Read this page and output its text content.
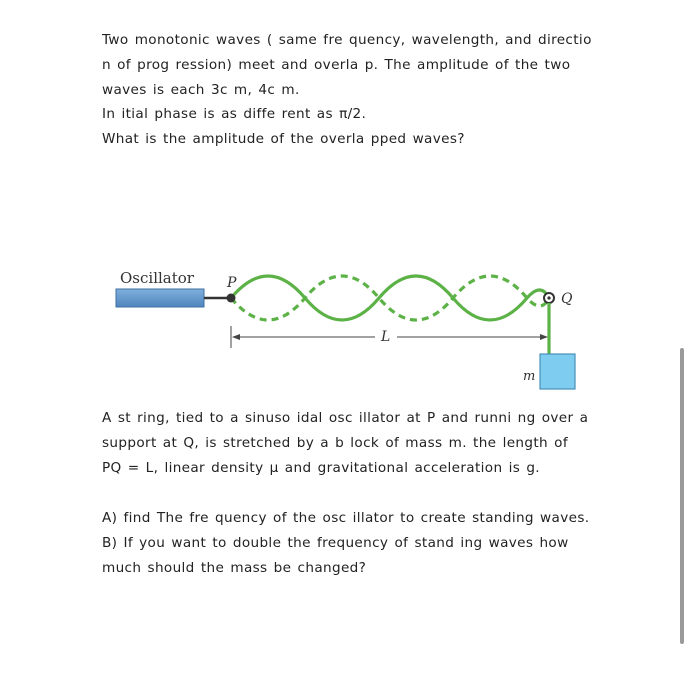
Two monotonic waves ( same fre quency, wavelength, and directio
n of prog ression) meet and overla p. The amplitude of the two
waves is each 3c m, 4c m.
In itial phase is as diffe rent as π/2.
What is the amplitude of the overla pped waves?
Oscillator P
Q
m
L
A st ring, tied to a sinuso idal osc illator at P and runni ng over a
support at Q, is stretched by a b lock of mass m. the length of
PQ = L, linear density μ and gravitational acceleration is g.
A) find The fre quency of the osc illator to create standing waves.
B) If you want to double the frequency of stand ing waves how
much should the mass be changed?
